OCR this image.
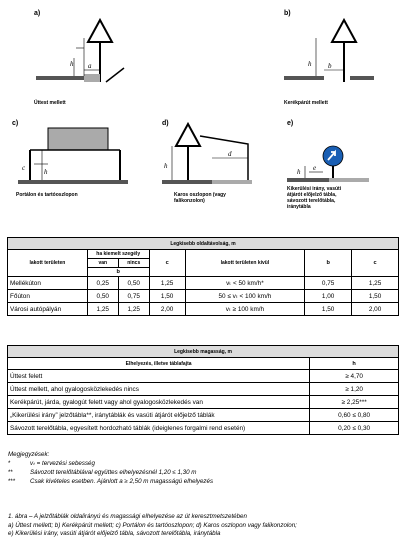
a)
h a
Úttest mellett
b)
h b
Kerékpárút mellett
c)
c	h
Portálon és tartóoszlopon
d)
h
d
Karos oszlopon (vagy falikonzolon)
e)
h e
Kikerülési irány, vasúti átjárót előjelző tábla, sávozott terelőtábla, iránytábla
Legkisebb oldaltávolság, m						
lakott területen	ha kiemelt szegély		c	lakott területen kívül	b	c
	van	nincs				
	b					
Mellékúton	0,25	0,50	1,25	vₜ < 50 km/h*	0,75	1,25
Főúton	0,50	0,75	1,50	50 ≤ vₜ < 100 km/h	1,00	1,50
Városi autópályán	1,25	1,25	2,00	vₜ ≥ 100 km/h	1,50	2,00
Legkisebb magasság, m	
Elhelyezés, illetve táblafajta	h
Úttest felett	≥ 4,70
Úttest mellett, ahol gyalogosközlekedés nincs	≥ 1,20
Kerékpárút, járda, gyalogút felett vagy ahol gyalogosközlekedés van	≥ 2,25***
„Kikerülési irány” jelzőtábla**, iránytáblák és vasúti átjárót előjelző táblák	0,60 ≤ 0,80
Sávozott terelőtábla, egyesített hordozható táblák (ideiglenes forgalmi rend esetén)	0,20 ≤ 0,30
Megjegyzések:
*	vₜ = tervezési sebesség
**	Sávozott terelőtáblával együttes elhelyezésnél 1,20 ≤ 1,30 m
***	Csak kivételes esetben. Ajánlott a ≥ 2,50 m magasságú elhelyezés
1. ábra – A jelzőtáblák oldalirányú és magassági elhelyezése az út keresztmetszetében
a) Úttest mellett; b) Kerékpárút mellett; c) Portálon és tartóoszlopon; d) Karos oszlopon vagy falikonzolon;
e) Kikerülési irány, vasúti átjárót előjelző tábla, sávozott terelőtábla, iránytábla
